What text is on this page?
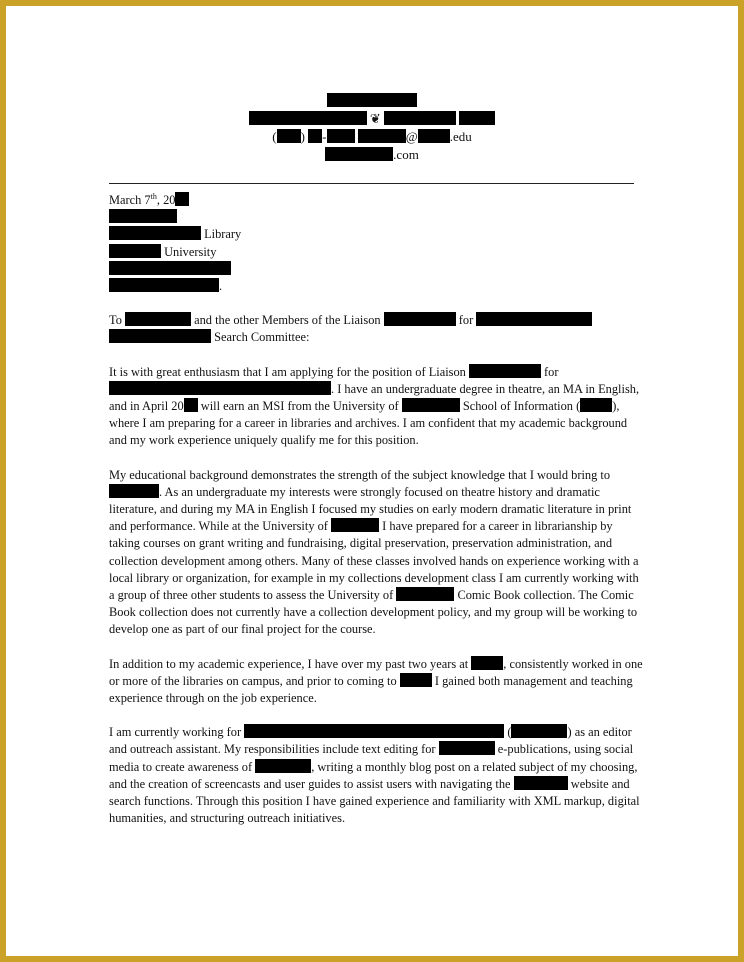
❦
( ) -	@ .edu
.com

March 7th, 20

Library

University

.

To	and the other Members of the Liaison	for   Search Committee:

It is with great enthusiasm that I am applying for the position of Liaison	for . I have an undergraduate degree in theatre, an MA in English, and in April 20 will earn an MSI from the University of	School of Information (	), where I am preparing for a career in libraries and archives. I am confident that my academic background and my work experience uniquely qualify me for this position.

My educational background demonstrates the strength of the subject knowledge that I would bring to . As an undergraduate my interests were strongly focused on theatre history and dramatic literature, and during my MA in English I focused my studies on early modern dramatic literature in print and performance. While at the University of	I have prepared for a career in librarianship by taking courses on grant writing and fundraising, digital preservation, preservation administration, and collection development among others. Many of these classes involved hands on experience working with a local library or organization, for example in my collections development class I am currently working with a group of three other students to assess the University of	Comic Book collection. The Comic Book collection does not currently have a collection development policy, and my group will be working to develop one as part of our final project for the course.

In addition to my academic experience, I have over my past two years at	, consistently worked in one or more of the libraries on campus, and prior to coming to	I gained both management and teaching experience through on the job experience.

I am currently working for	(	) as an editor and outreach assistant. My responsibilities include text editing for	e-publications, using social media to create awareness of	, writing a monthly blog post on a related subject of my choosing, and the creation of screencasts and user guides to assist users with navigating the	website and search functions. Through this position I have gained experience and familiarity with XML markup, digital humanities, and structuring outreach initiatives.
